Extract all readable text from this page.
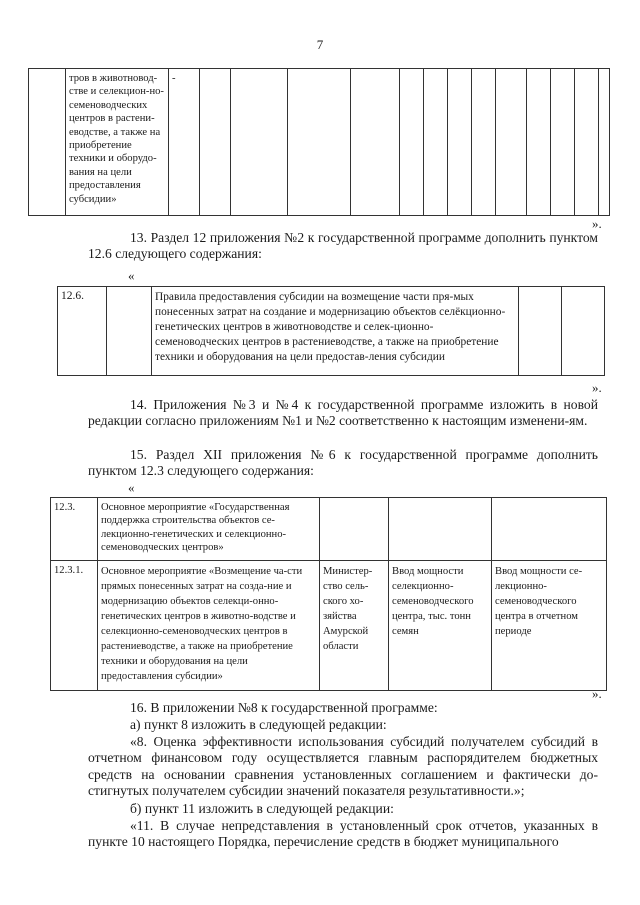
7
	тров в животновод-стве и селекцион-но-семеноводческих центров в растени-еводстве, а также на приобретение техники и оборудо-вания на цели предоставления субсидии»	-													
».

13. Раздел 12 приложения №2 к государственной программе дополнить пунктом 12.6 следующего содержания:

«
12.6.		Правила предоставления субсидии на возмещение части пря-мых понесенных затрат на создание и модернизацию объектов селёкционно-генетических центров в животноводстве и селек-ционно-семеноводческих центров в растениеводстве, а также на приобретение техники и оборудования на цели предостав-ления субсидии		
».

14. Приложения №3 и №4 к государственной программе изложить в новой редакции согласно приложениям №1 и №2 соответственно к настоящим изменени-ям.

15. Раздел XII приложения №6 к государственной программе дополнить пунктом 12.3 следующего содержания:

«
12.3.	Основное мероприятие «Государственная поддержка строительства объектов се-лекционно-генетических и селекционно-семеноводческих центров»			
12.3.1.	Основное мероприятие «Возмещение ча-сти прямых понесенных затрат на созда-ние и модернизацию объектов селекци-онно-генетических центров в животно-водстве и селекционно-семеноводческих центров в растениеводстве, а также на приобретение техники и оборудования на цели предоставления субсидии»	Министер-ство сель-ского хо-зяйства Амурской области	Ввод мощности селекционно-семеноводческого центра, тыс. тонн семян	Ввод мощности се-лекционно-семеноводческого центра в отчетном периоде
».

16. В приложении №8 к государственной программе:

а) пункт 8 изложить в следующей редакции:

«8. Оценка эффективности использования субсидий получателем субсидий в отчетном финансовом году осуществляется главным распорядителем бюджетных средств на основании сравнения установленных соглашением и фактически до-стигнутых получателем субсидии значений показателя результативности.»;

б) пункт 11 изложить в следующей редакции:

«11. В случае непредставления в установленный срок отчетов, указанных в пункте 10 настоящего Порядка, перечисление средств в бюджет муниципального
